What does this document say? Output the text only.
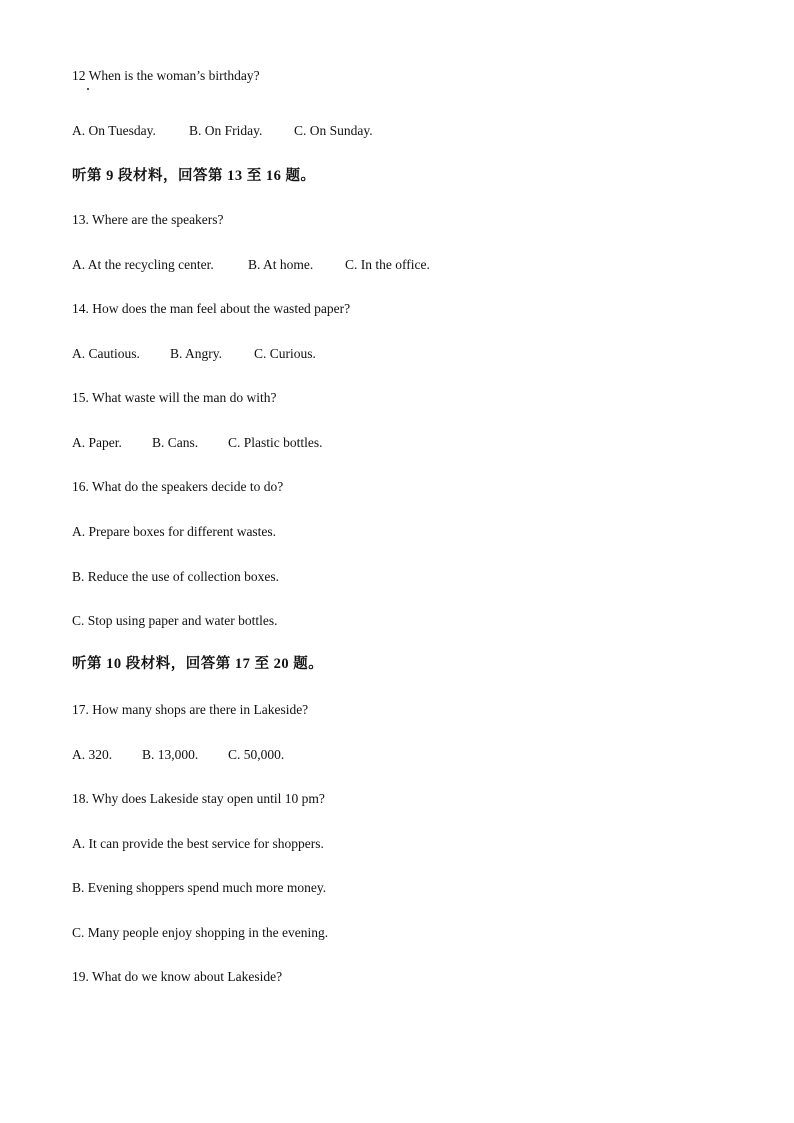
12 When is the woman’s birthday?
A. On Tuesday. B. On Friday. C. On Sunday.
听第 9 段材料，回答第 13 至 16 题。
13. Where are the speakers?
A. At the recycling center.	B. At home. C. In the office.
14. How does the man feel about the wasted paper?
A. Cautious. B. Angry. C. Curious.
15. What waste will the man do with?
A. Paper. B. Cans. C. Plastic bottles.
16. What do the speakers decide to do?
A. Prepare boxes for different wastes.
B. Reduce the use of collection boxes.
C. Stop using paper and water bottles.
听第 10 段材料，回答第 17 至 20 题。
17. How many shops are there in Lakeside?
A. 320. B. 13,000. C. 50,000.
18. Why does Lakeside stay open until 10 pm?
A. It can provide the best service for shoppers.
B. Evening shoppers spend much more money.
C. Many people enjoy shopping in the evening.
19. What do we know about Lakeside?
